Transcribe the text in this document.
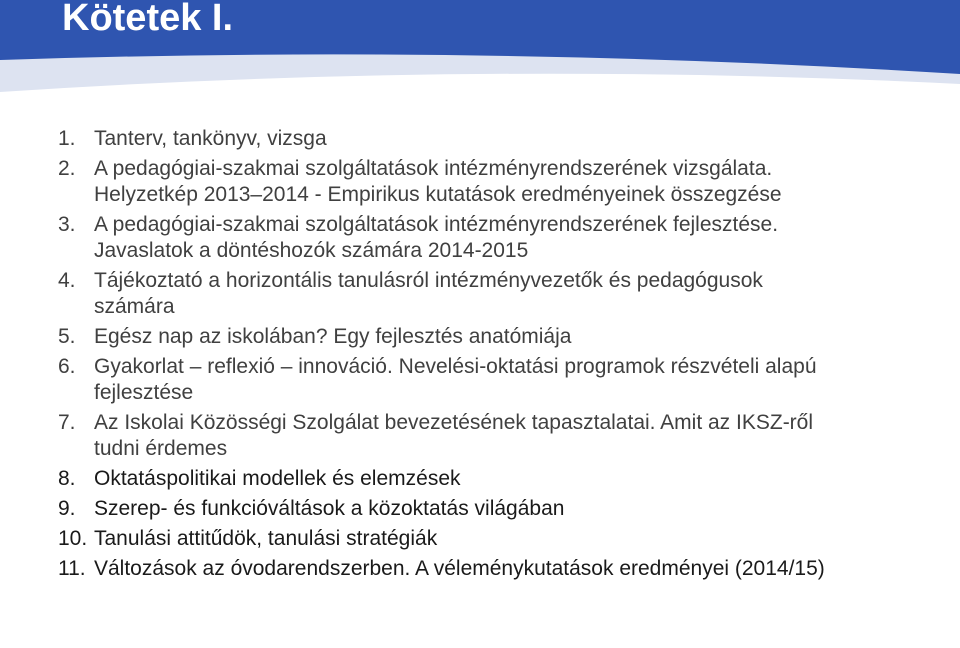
Kötetek I.
1. Tanterv, tankönyv, vizsga
2. A pedagógiai-szakmai szolgáltatások intézményrendszerének vizsgálata.
Helyzetkép 2013–2014 - Empirikus kutatások eredményeinek összegzése
3. A pedagógiai-szakmai szolgáltatások intézményrendszerének fejlesztése.
Javaslatok a döntéshozók számára 2014-2015
4. Tájékoztató a horizontális tanulásról intézményvezetők és pedagógusok
számára
5. Egész nap az iskolában? Egy fejlesztés anatómiája
6. Gyakorlat – reflexió – innováció. Nevelési-oktatási programok részvételi alapú
fejlesztése
7. Az Iskolai Közösségi Szolgálat bevezetésének tapasztalatai. Amit az IKSZ-ről
tudni érdemes
8. Oktatáspolitikai modellek és elemzések
9. Szerep- és funkcióváltások a közoktatás világában
10. Tanulási attitűdök, tanulási stratégiák
11. Változások az óvodarendszerben. A véleménykutatások eredményei (2014/15)
